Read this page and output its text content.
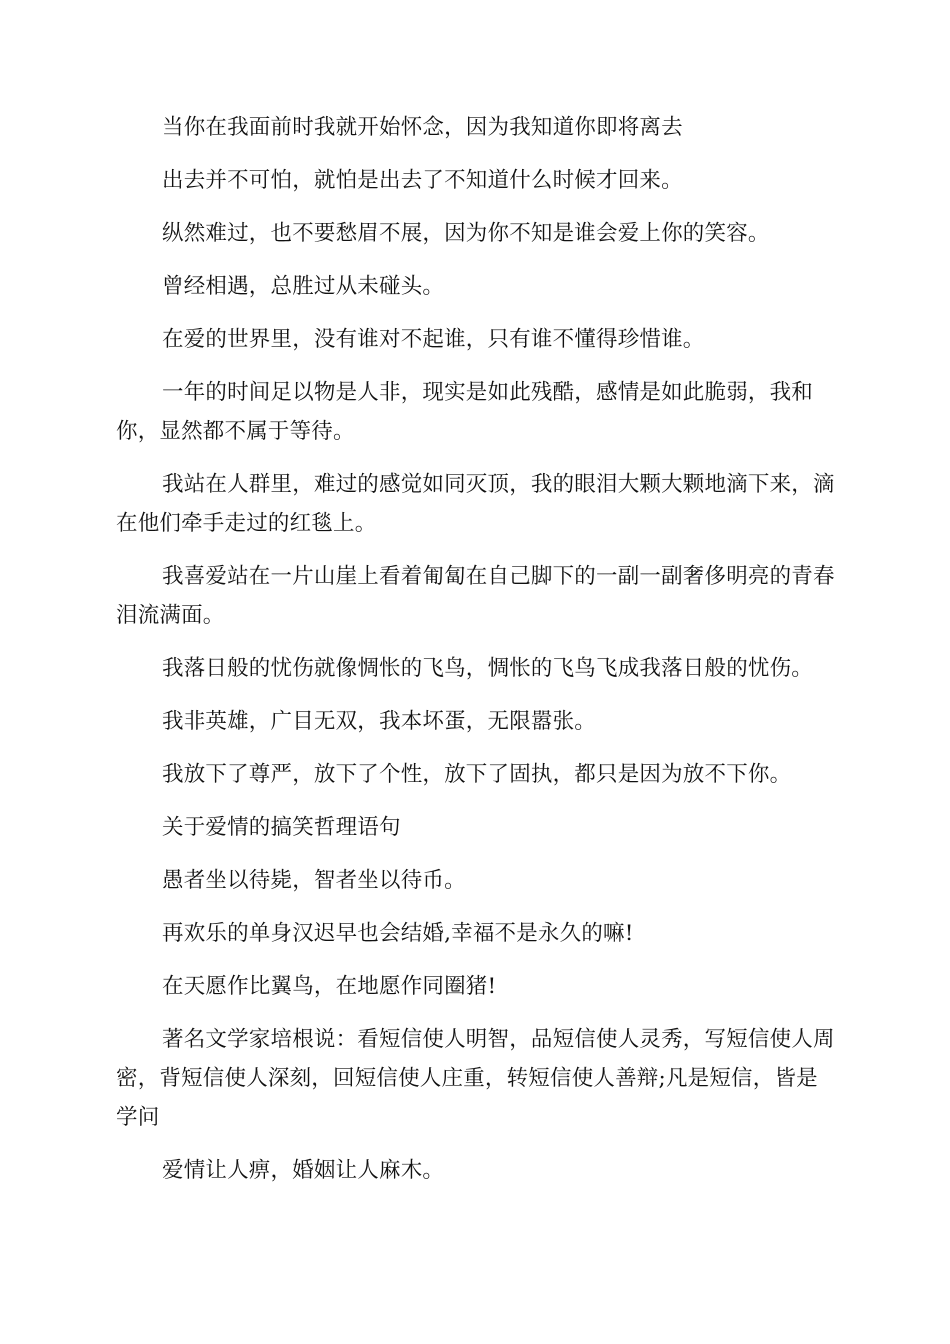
当你在我面前时我就开始怀念，因为我知道你即将离去

出去并不可怕，就怕是出去了不知道什么时候才回来。

纵然难过，也不要愁眉不展，因为你不知是谁会爱上你的笑容。

曾经相遇，总胜过从未碰头。

在爱的世界里，没有谁对不起谁，只有谁不懂得珍惜谁。

一年的时间足以物是人非，现实是如此残酷，感情是如此脆弱，我和你，显然都不属于等待。

我站在人群里，难过的感觉如同灭顶，我的眼泪大颗大颗地滴下来，滴在他们牵手走过的红毯上。

我喜爱站在一片山崖上看着匍匐在自己脚下的一副一副奢侈明亮的青春泪流满面。

我落日般的忧伤就像惆怅的飞鸟，惆怅的飞鸟飞成我落日般的忧伤。

我非英雄，广目无双，我本坏蛋，无限嚣张。

我放下了尊严，放下了个性，放下了固执，都只是因为放不下你。

关于爱情的搞笑哲理语句

愚者坐以待毙，智者坐以待币。

再欢乐的单身汉迟早也会结婚,幸福不是永久的嘛!

在天愿作比翼鸟，在地愿作同圈猪!

著名文学家培根说：看短信使人明智，品短信使人灵秀，写短信使人周密，背短信使人深刻，回短信使人庄重，转短信使人善辩;凡是短信，皆是学问

爱情让人痹，婚姻让人麻木。
